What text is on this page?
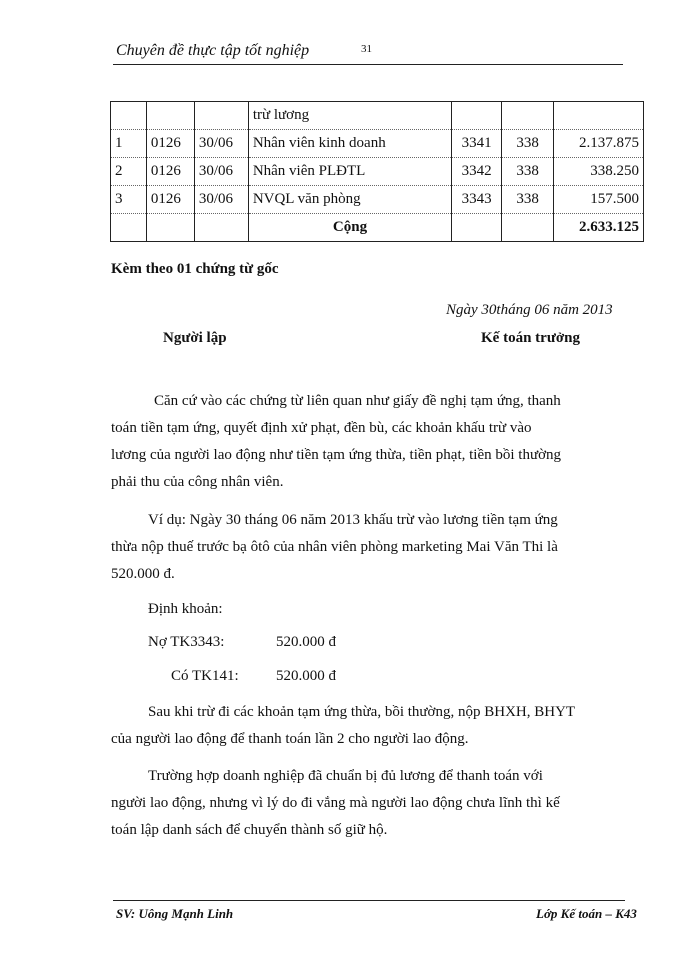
Chuyên đề thực tập tốt nghiệp	31
			trừ lương			
1	0126	30/06	Nhân viên kinh doanh	3341	338	2.137.875
2	0126	30/06	Nhân viên PLĐTL	3342	338	338.250
3	0126	30/06	NVQL văn phòng	3343	338	157.500
			Cộng			2.633.125
Kèm theo 01 chứng từ gốc
Ngày 30tháng 06 năm 2013
Người lập	Kế toán trưởng
Căn cứ vào các chứng từ liên quan như giấy đề nghị tạm ứng, thanh
toán tiền tạm ứng, quyết định xử phạt, đền bù, các khoản khấu trừ vào
lương của người lao động như tiền tạm ứng thừa, tiền phạt, tiền bồi thường
phải thu của công nhân viên.
Ví dụ: Ngày 30 tháng 06 năm 2013 khấu trừ vào lương tiền tạm ứng
thừa nộp thuế trước bạ ôtô của nhân viên phòng marketing Mai Văn Thi là
520.000 đ.
Định khoản:
Nợ TK3343:	520.000 đ
Có TK141: 520.000 đ
Sau khi trừ đi các khoản tạm ứng thừa, bồi thường, nộp BHXH, BHYT
của người lao động để thanh toán lần 2 cho người lao động.
Trường hợp doanh nghiệp đã chuẩn bị đủ lương để thanh toán với
người lao động, nhưng vì lý do đi vắng mà người lao động chưa lĩnh thì kế
toán lập danh sách để chuyển thành số giữ hộ.
SV: Uông Mạnh Linh	Lớp Kế toán – K43
